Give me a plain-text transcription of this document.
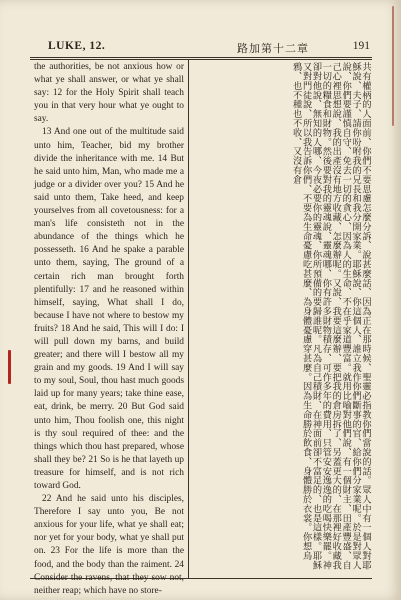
LUKE, 12.	路加第十二章	191

the authorities, be not anxious how or what ye shall answer, or what ye shall say: 12 for the Holy Spirit shall teach you in that very hour what ye ought to say.

13 And one out of the multitude said unto him, Teacher, bid my brother divide the inheritance with me. 14 But he said unto him, Man, who made me a judge or a divider over you? 15 And he said unto them, Take heed, and keep yourselves from all covetousness: for a man's life consisteth not in the abundance of the things which he possesseth. 16 And he spake a parable unto them, saying, The ground of a certain rich man brought forth plentifully: 17 and he reasoned within himself, saying, What shall I do, because I have not where to bestow my fruits? 18 And he said, This will I do: I will pull down my barns, and build greater; and there will I bestow all my grain and my goods. 19 And I will say to my soul, Soul, thou hast much goods laid up for many years; take thine ease, eat, drink, be merry. 20 But God said unto him, Thou foolish one, this night is thy soul required of thee: and the things which thou hast prepared, whose shall they be? 21 So is he that layeth up treasure for himself, and is not rich toward God.

22 And he said unto his disciples, Therefore I say unto you, Be not anxious for your life, what ye shall eat; nor yet for your body, what ye shall put on. 23 For the life is more than the food, and the body than the raiment. 24 Consider the ravens, that they sow not, neither reap; which have no store-

共有權柄的人面前、你們不要思慮怎麼分訴、說甚麼話、因為正在那時候、聖靈必指教你們當說的話。眾人中有一個人對耶穌說、夫子、請你吩咐我的兄長和我分開家業。耶穌說、你這個人、誰立我作你們斷事的官、給你們分家業呢。於是對眾人說、你們要謹慎自守、免去一切的貪心、因為人的生命、不在乎家道豐富。就用比喻對他們說、有一個財主、田產豐盛、自己心裡思想說、我的出產沒有地方收藏、怎麼辦呢。又說、我要這麼辦、要把我的倉房拆了、另蓋更大的、在那裡好收藏我一切的糧食和財物。然後要對我的靈魂說、靈魂哪、你有許多財物積存、可作多年的費用、只管安安逸逸的吃喝快樂罷。神卻對他說、無知的人哪、今夜必要你的靈魂、你所預備的要歸誰呢。凡為自己積財、在神面前卻不富足的、也是這樣。耶穌又對門徒說、所以我告訴你們、不要為生命憂慮吃甚麼、為身體憂慮穿甚麼。因為生命勝於飲食、身體勝於衣裳。你想烏鴉、也不種也不收、又沒有倉
